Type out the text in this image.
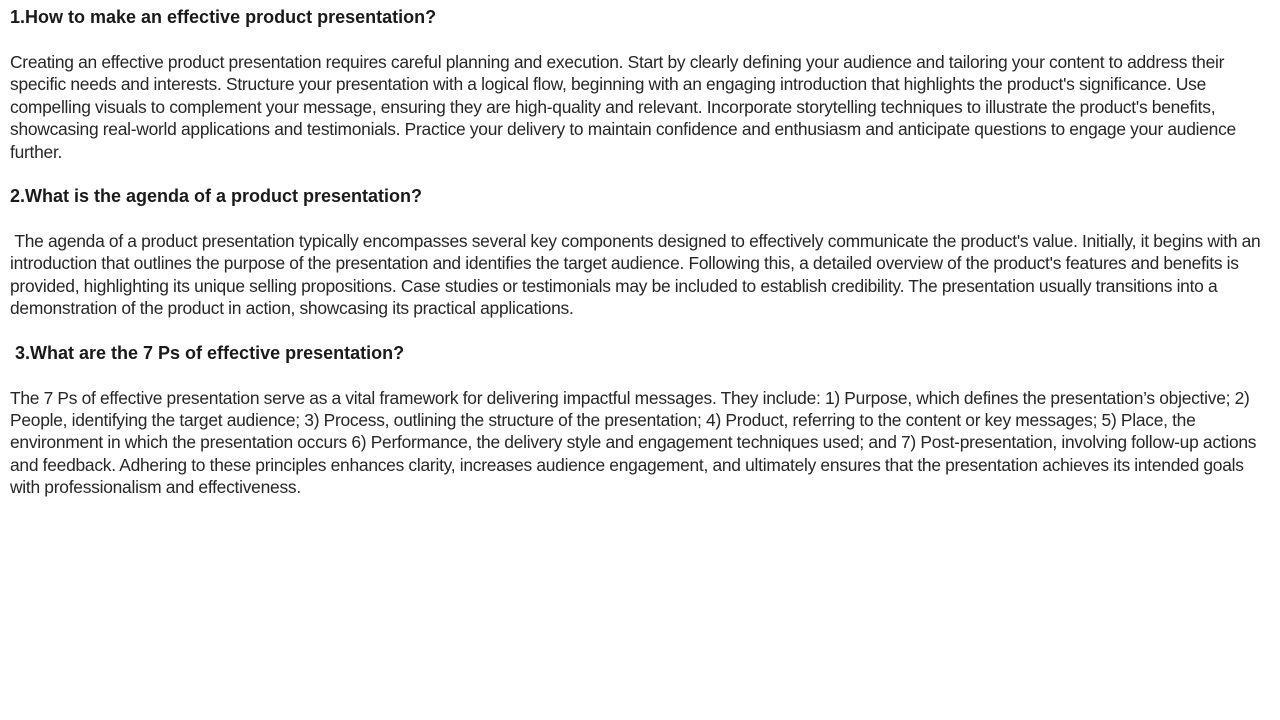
1.How to make an effective product presentation?

Creating an effective product presentation requires careful planning and execution. Start by clearly defining your audience and tailoring your content to address their specific needs and interests. Structure your presentation with a logical flow, beginning with an engaging introduction that highlights the product's significance. Use compelling visuals to complement your message, ensuring they are high-quality and relevant. Incorporate storytelling techniques to illustrate the product's benefits, showcasing real-world applications and testimonials. Practice your delivery to maintain confidence and enthusiasm and anticipate questions to engage your audience further.

2.What is the agenda of a product presentation?

The agenda of a product presentation typically encompasses several key components designed to effectively communicate the product's value. Initially, it begins with an introduction that outlines the purpose of the presentation and identifies the target audience. Following this, a detailed overview of the product's features and benefits is provided, highlighting its unique selling propositions. Case studies or testimonials may be included to establish credibility. The presentation usually transitions into a demonstration of the product in action, showcasing its practical applications.

3.What are the 7 Ps of effective presentation?

The 7 Ps of effective presentation serve as a vital framework for delivering impactful messages. They include: 1) Purpose, which defines the presentation’s objective; 2) People, identifying the target audience; 3) Process, outlining the structure of the presentation; 4) Product, referring to the content or key messages; 5) Place, the environment in which the presentation occurs 6) Performance, the delivery style and engagement techniques used; and 7) Post-presentation, involving follow-up actions and feedback. Adhering to these principles enhances clarity, increases audience engagement, and ultimately ensures that the presentation achieves its intended goals with professionalism and effectiveness.
